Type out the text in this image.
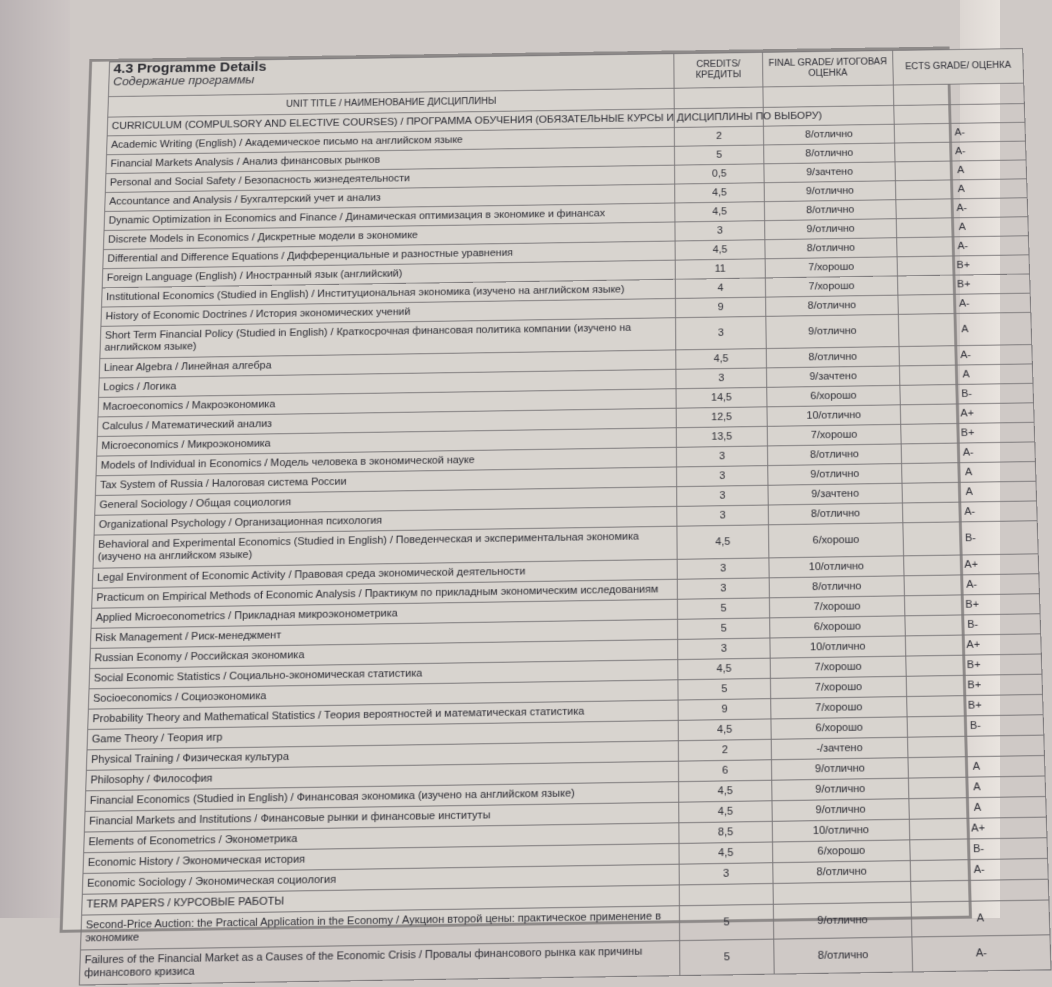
4.3 Programme Details
Содержание программы	CREDITS/ КРЕДИТЫ	FINAL GRADE/ ИТОГОВАЯ ОЦЕНКА	ECTS GRADE/ ОЦЕНКА
UNIT TITLE / НАИМЕНОВАНИЕ ДИСЦИПЛИНЫ			
CURRICULUM (COMPULSORY AND ELECTIVE COURSES) / ПРОГРАММА ОБУЧЕНИЯ (ОБЯЗАТЕЛЬНЫЕ КУРСЫ И ДИСЦИПЛИНЫ ПО ВЫБОРУ)			
Academic Writing (English) / Академическое письмо на английском языке	2	8/отлично	A-
Financial Markets Analysis / Анализ финансовых рынков	5	8/отлично	A-
Personal and Social Safety / Безопасность жизнедеятельности	0,5	9/зачтено	A
Accountance and Analysis / Бухгалтерский учет и анализ	4,5	9/отлично	A
Dynamic Optimization in Economics and Finance / Динамическая оптимизация в экономике и финансах	4,5	8/отлично	A-
Discrete Models in Economics / Дискретные модели в экономике	3	9/отлично	A
Differential and Difference Equations / Дифференциальные и разностные уравнения	4,5	8/отлично	A-
Foreign Language (English) / Иностранный язык (английский)	11	7/хорошо	B+
Institutional Economics (Studied in English) / Институциональная экономика (изучено на английском языке)	4	7/хорошо	B+
History of Economic Doctrines / История экономических учений	9	8/отлично	A-
Short Term Financial Policy (Studied in English) / Краткосрочная финансовая политика компании (изучено на английском языке)	3	9/отлично	A
Linear Algebra / Линейная алгебра	4,5	8/отлично	A-
Logics / Логика	3	9/зачтено	A
Macroeconomics / Макроэкономика	14,5	6/хорошо	B-
Calculus / Математический анализ	12,5	10/отлично	A+
Microeconomics / Микроэкономика	13,5	7/хорошо	B+
Models of Individual in Economics / Модель человека в экономической науке	3	8/отлично	A-
Tax System of Russia / Налоговая система России	3	9/отлично	A
General Sociology / Общая социология	3	9/зачтено	A
Organizational Psychology / Организационная психология	3	8/отлично	A-
Behavioral and Experimental Economics (Studied in English) / Поведенческая и экспериментальная экономика (изучено на английском языке)	4,5	6/хорошо	B-
Legal Environment of Economic Activity / Правовая среда экономической деятельности	3	10/отлично	A+
Practicum on Empirical Methods of Economic Analysis / Практикум по прикладным экономическим исследованиям	3	8/отлично	A-
Applied Microeconometrics / Прикладная микроэконометрика	5	7/хорошо	B+
Risk Management / Риск-менеджмент	5	6/хорошо	B-
Russian Economy / Российская экономика	3	10/отлично	A+
Social Economic Statistics / Социально-экономическая статистика	4,5	7/хорошо	B+
Socioeconomics / Социоэкономика	5	7/хорошо	B+
Probability Theory and Mathematical Statistics / Теория вероятностей и математическая статистика	9	7/хорошо	B+
Game Theory / Теория игр	4,5	6/хорошо	B-
Physical Training / Физическая культура	2	-/зачтено	
Philosophy / Философия	6	9/отлично	A
Financial Economics (Studied in English) / Финансовая экономика (изучено на английском языке)	4,5	9/отлично	A
Financial Markets and Institutions / Финансовые рынки и финансовые институты	4,5	9/отлично	A
Elements of Econometrics / Эконометрика	8,5	10/отлично	A+
Economic History / Экономическая история	4,5	6/хорошо	B-
Economic Sociology / Экономическая социология	3	8/отлично	A-
TERM PAPERS / КУРСОВЫЕ РАБОТЫ			
Second-Price Auction: the Practical Application in the Economy / Аукцион второй цены: практическое применение в экономике	5	9/отлично	A
Failures of the Financial Market as a Causes of the Economic Crisis / Провалы финансового рынка как причины финансового кризиса	5	8/отлично	A-
